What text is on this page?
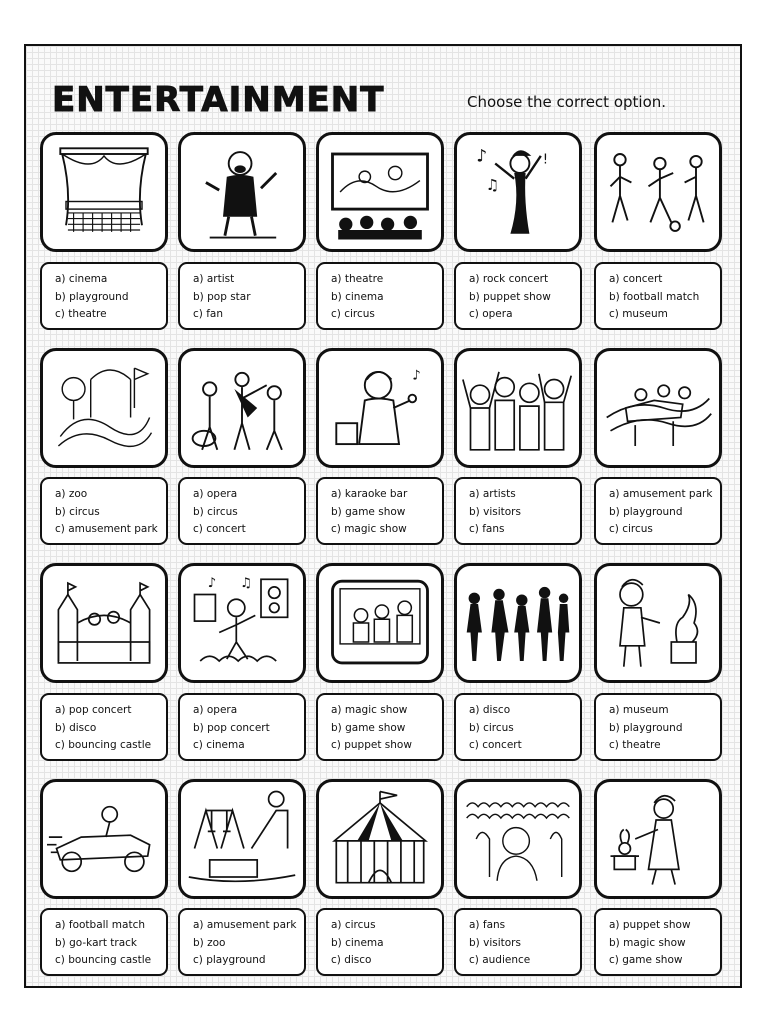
ENTERTAINMENT	Choose the correct option.
a) cinema
b) playground
c) theatre
a) artist
b) pop star
c) fan
a) theatre
b) cinema
c) circus
♪
♫
!
a) rock concert
b) puppet show
c) opera
a) concert
b) football match
c) museum
a) zoo
b) circus
c) amusement park
a) opera
b) circus
c) concert
♪
a) karaoke bar
b) game show
c) magic show
a) artists
b) visitors
c) fans
a) amusement park
b) playground
c) circus
a) pop concert
b) disco
c) bouncing castle
♪ ♫
a) opera
b) pop concert
c) cinema
a) magic show
b) game show
c) puppet show
a) disco
b) circus
c) concert
a) museum
b) playground
c) theatre
a) football match
b) go-kart track
c) bouncing castle
a) amusement park
b) zoo
c) playground
a) circus
b) cinema
c) disco
a) fans
b) visitors
c) audience
a) puppet show
b) magic show
c) game show
